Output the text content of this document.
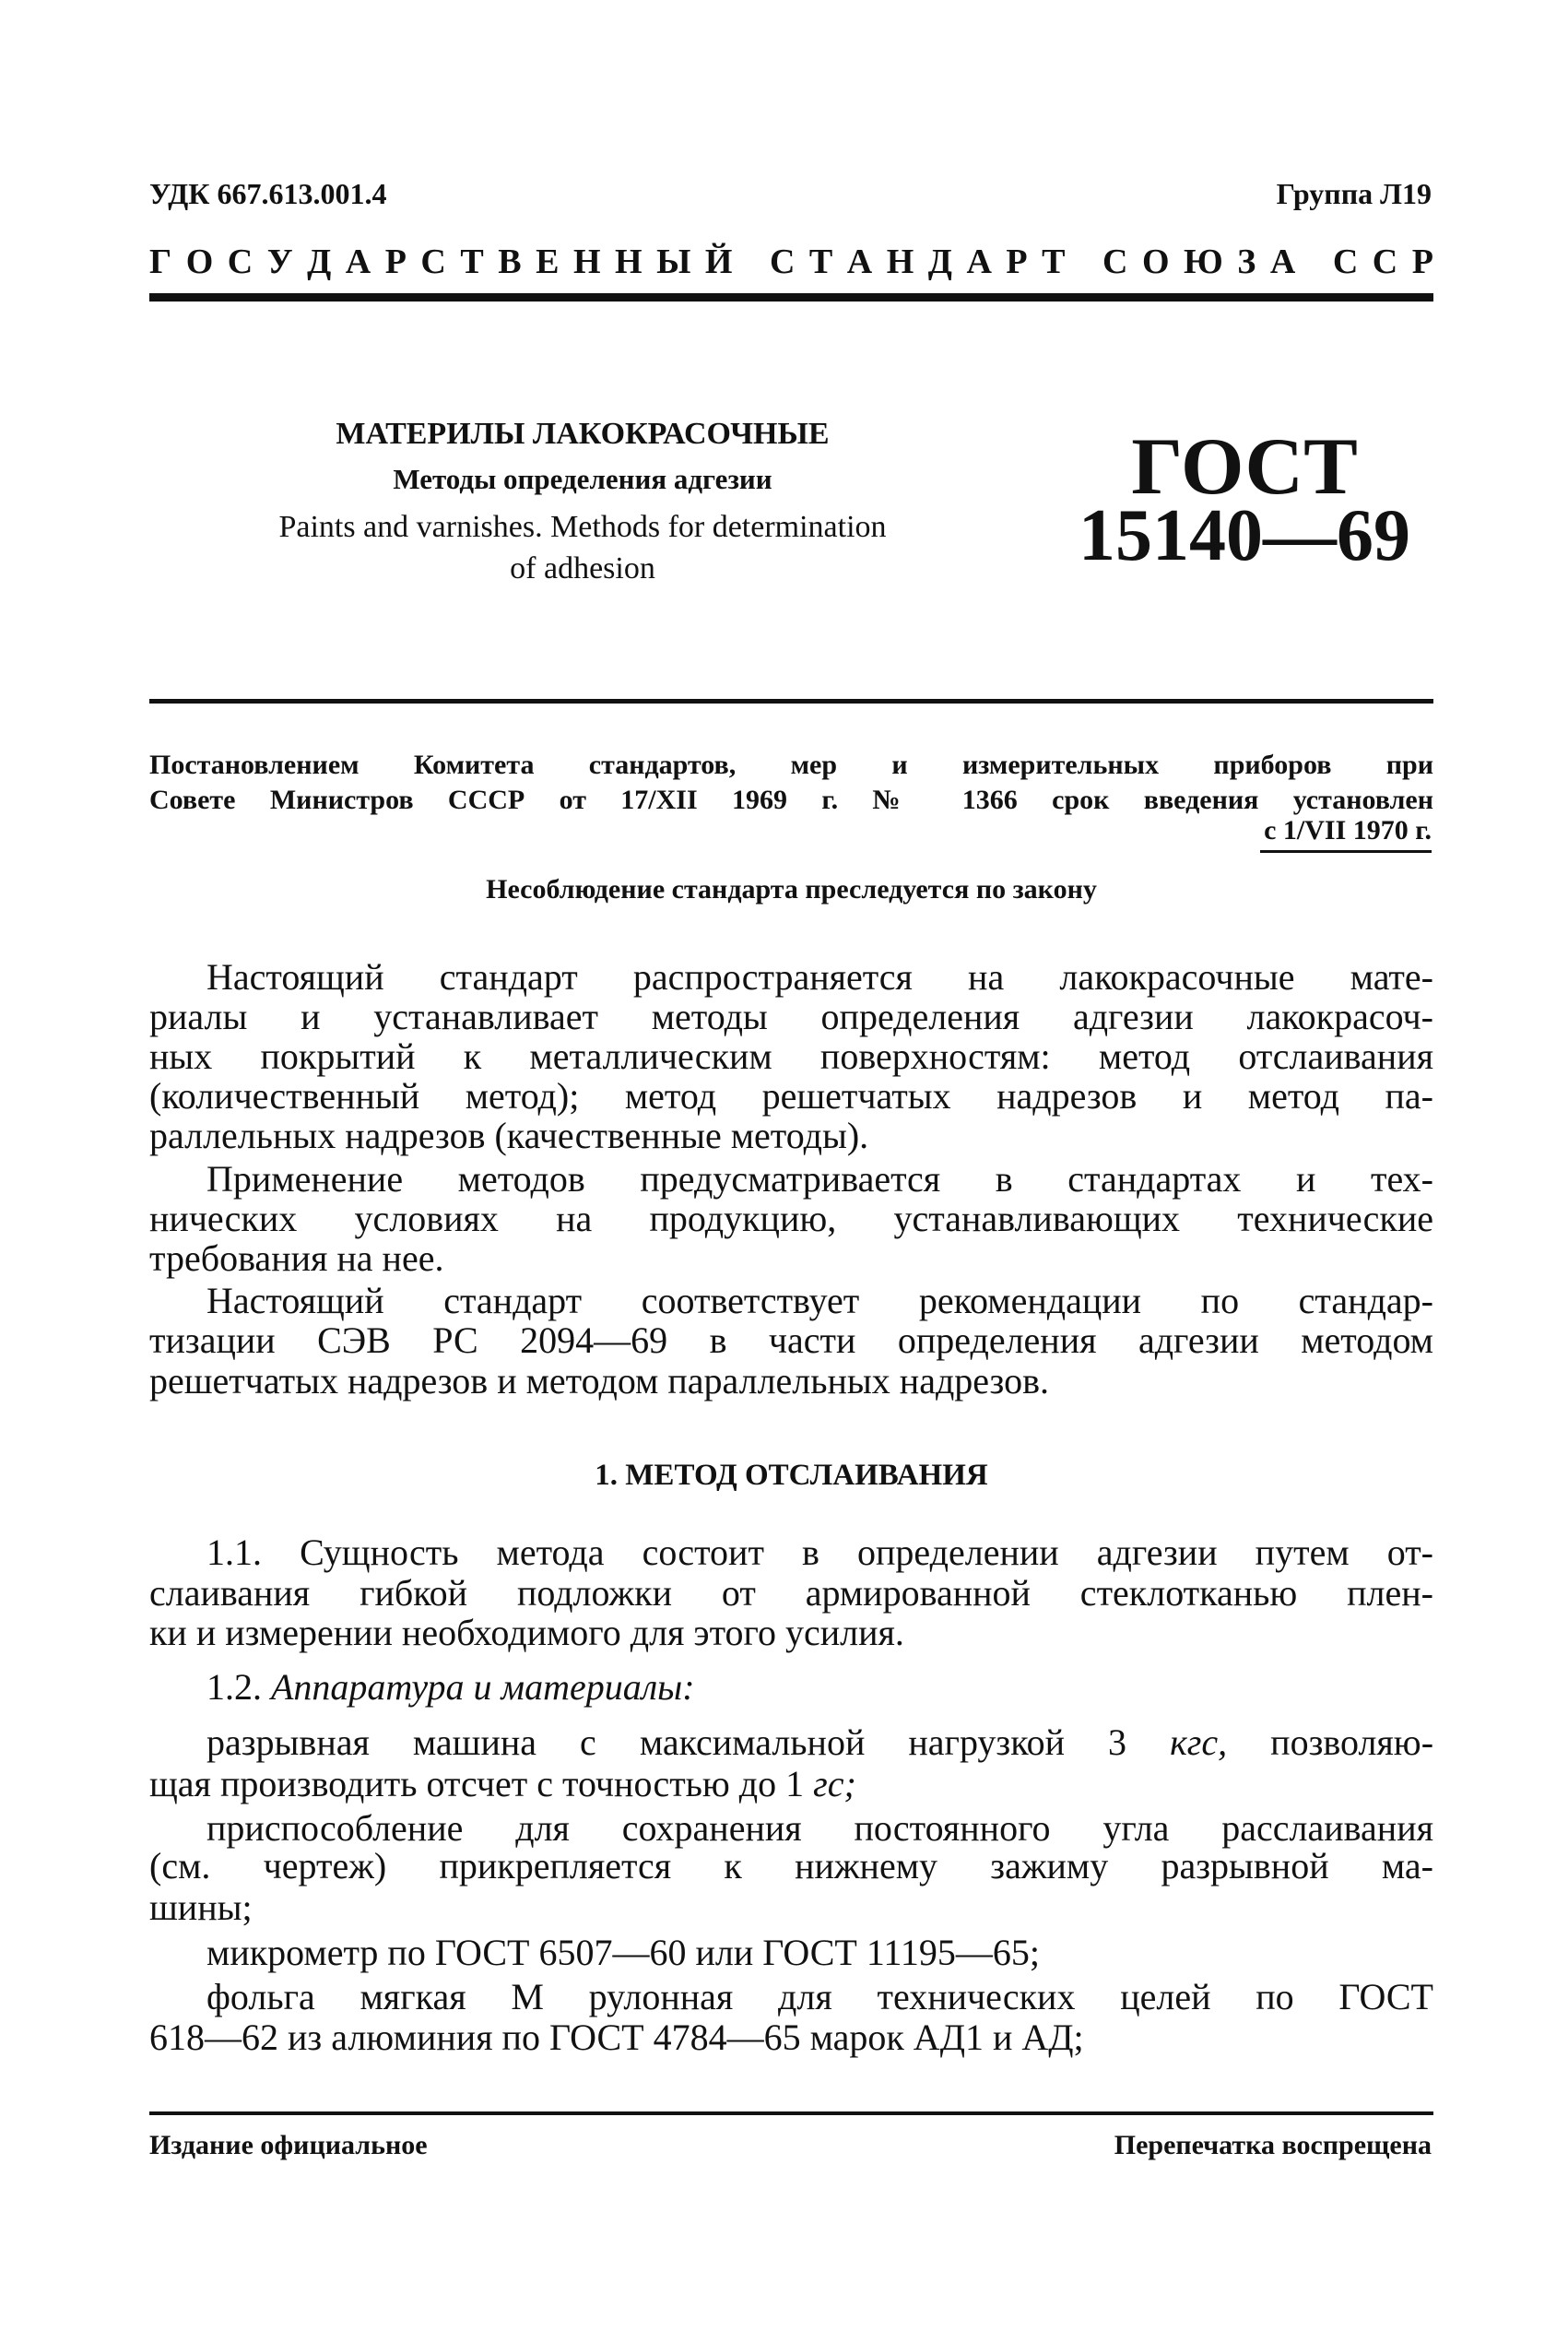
УДК 667.613.001.4	Группа Л19
Г О С У Д А Р С Т В Е Н Н Ы Й
С Т А Н Д А Р Т
С О Ю З А
С С Р
МАТЕРИЛЫ ЛАКОКРАСОЧНЫЕ
Методы определения адгезии
Paints and varnishes. Methods for determination
of adhesion
ГОСТ
15140—69
Постановлением Комитета стандартов, мер и измерительных приборов при
Совете Министров СССР от 17/XII 1969 г. № 1366 срок введения установлен
с 1/VII 1970 г.
Несоблюдение стандарта преследуется по закону
Настоящий стандарт распространяется на лакокрасочные мате-
риалы и устанавливает методы определения адгезии лакокрасоч-
ных покрытий к металлическим поверхностям: метод отслаивания
(количественный метод); метод решетчатых надрезов и метод па-
раллельных надрезов (качественные методы).
Применение методов предусматривается в стандартах и тех-
нических условиях на продукцию, устанавливающих технические
требования на нее.
Настоящий стандарт соответствует рекомендации по стандар-
тизации СЭВ РС 2094—69 в части определения адгезии методом
решетчатых надрезов и методом параллельных надрезов.
1. МЕТОД ОТСЛАИВАНИЯ
1.1. Сущность метода состоит в определении адгезии путем от-
слаивания гибкой подложки от армированной стеклотканью плен-
ки и измерении необходимого для этого усилия.
1.2. Аппаратура и материалы:
разрывная машина с максимальной нагрузкой 3 кгс, позволяю-
щая производить отсчет с точностью до 1 гс;
приспособление для сохранения постоянного угла расслаивания
(см. чертеж) прикрепляется к нижнему зажиму разрывной ма-
шины;
микрометр по ГОСТ 6507—60 или ГОСТ 11195—65;
фольга мягкая М рулонная для технических целей по ГОСТ
618—62 из алюминия по ГОСТ 4784—65 марок АД1 и АД;
Издание официальное	Перепечатка воспрещена
